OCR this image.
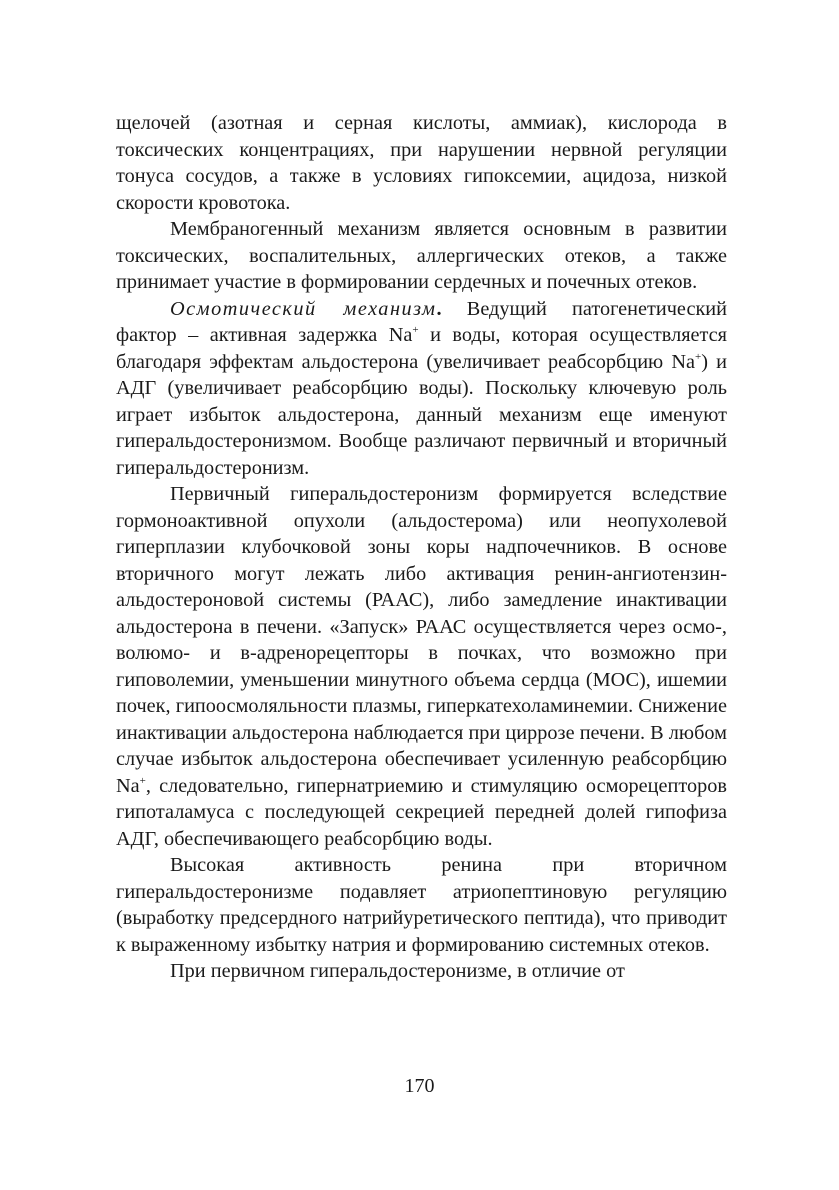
щелочей (азотная и серная кислоты, аммиак), кислорода в токсических концентрациях, при нарушении нервной регуляции тонуса сосудов, а также в условиях гипоксемии, ацидоза, низкой скорости кровотока.

Мембраногенный механизм является основным в развитии токсических, воспалительных, аллергических отеков, а также принимает участие в формировании сердечных и почечных отеков.

Осмотический механизм. Ведущий патогенетический фактор – активная задержка Na+ и воды, которая осуществляется благодаря эффектам альдостерона (увеличивает реабсорбцию Na+) и АДГ (увеличивает реабсорбцию воды). Поскольку ключевую роль играет избыток альдостерона, данный механизм еще именуют гиперальдостеронизмом. Вообще различают первичный и вторичный гиперальдостеронизм.

Первичный гиперальдостеронизм формируется вследствие гормоноактивной опухоли (альдостерома) или неопухолевой гиперплазии клубочковой зоны коры надпочечников. В основе вторичного могут лежать либо активация ренин-ангиотензин-альдостероновой системы (РААС), либо замедление инактивации альдостерона в печени. «Запуск» РААС осуществляется через осмо-, волюмо- и в-адренорецепторы в почках, что возможно при гиповолемии, уменьшении минутного объема сердца (МОС), ишемии почек, гипоосмоляльности плазмы, гиперкатехоламинемии. Снижение инактивации альдостерона наблюдается при циррозе печени. В любом случае избыток альдостерона обеспечивает усиленную реабсорбцию Na+, следовательно, гипернатриемию и стимуляцию осморецепторов гипоталамуса с последующей секрецией передней долей гипофиза АДГ, обеспечивающего реабсорбцию воды.

Высокая активность ренина при вторичном гиперальдостеронизме подавляет атриопептиновую регуляцию (выработку предсердного натрийуретического пептида), что приводит к выраженному избытку натрия и формированию системных отеков.

При первичном гиперальдостеронизме, в отличие от

170
